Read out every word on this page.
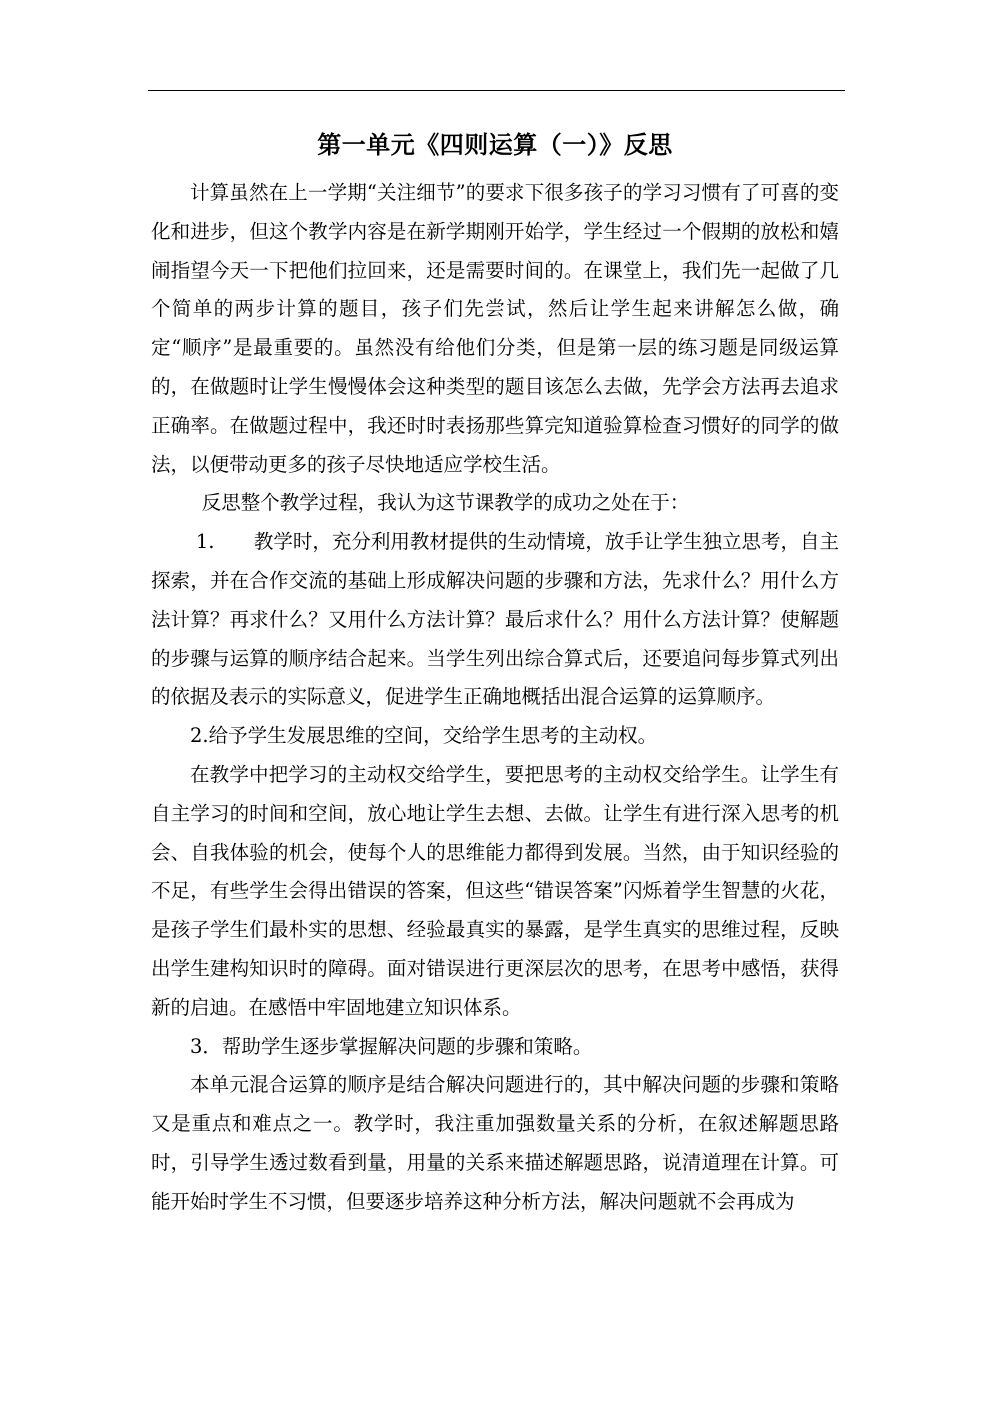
第一单元《四则运算（一）》反思

计算虽然在上一学期“关注细节”的要求下很多孩子的学习习惯有了可喜的变化和进步，但这个教学内容是在新学期刚开始学，学生经过一个假期的放松和嬉闹指望今天一下把他们拉回来，还是需要时间的。在课堂上，我们先一起做了几个简单的两步计算的题目，孩子们先尝试，然后让学生起来讲解怎么做，确定“顺序”是最重要的。虽然没有给他们分类，但是第一层的练习题是同级运算的，在做题时让学生慢慢体会这种类型的题目该怎么去做，先学会方法再去追求正确率。在做题过程中，我还时时表扬那些算完知道验算检查习惯好的同学的做法，以便带动更多的孩子尽快地适应学校生活。

反思整个教学过程，我认为这节课教学的成功之处在于：

1. 教学时，充分利用教材提供的生动情境，放手让学生独立思考，自主探索，并在合作交流的基础上形成解决问题的步骤和方法，先求什么？用什么方法计算？再求什么？又用什么方法计算？最后求什么？用什么方法计算？使解题的步骤与运算的顺序结合起来。当学生列出综合算式后，还要追问每步算式列出的依据及表示的实际意义，促进学生正确地概括出混合运算的运算顺序。

2.给予学生发展思维的空间，交给学生思考的主动权。

在教学中把学习的主动权交给学生，要把思考的主动权交给学生。让学生有自主学习的时间和空间，放心地让学生去想、去做。让学生有进行深入思考的机会、自我体验的机会，使每个人的思维能力都得到发展。当然，由于知识经验的不足，有些学生会得出错误的答案，但这些“错误答案”闪烁着学生智慧的火花，是孩子学生们最朴实的思想、经验最真实的暴露，是学生真实的思维过程，反映出学生建构知识时的障碍。面对错误进行更深层次的思考，在思考中感悟，获得新的启迪。在感悟中牢固地建立知识体系。

3．帮助学生逐步掌握解决问题的步骤和策略。

本单元混合运算的顺序是结合解决问题进行的，其中解决问题的步骤和策略又是重点和难点之一。教学时，我注重加强数量关系的分析，在叙述解题思路时，引导学生透过数看到量，用量的关系来描述解题思路，说清道理在计算。可能开始时学生不习惯，但要逐步培养这种分析方法，解决问题就不会再成为
